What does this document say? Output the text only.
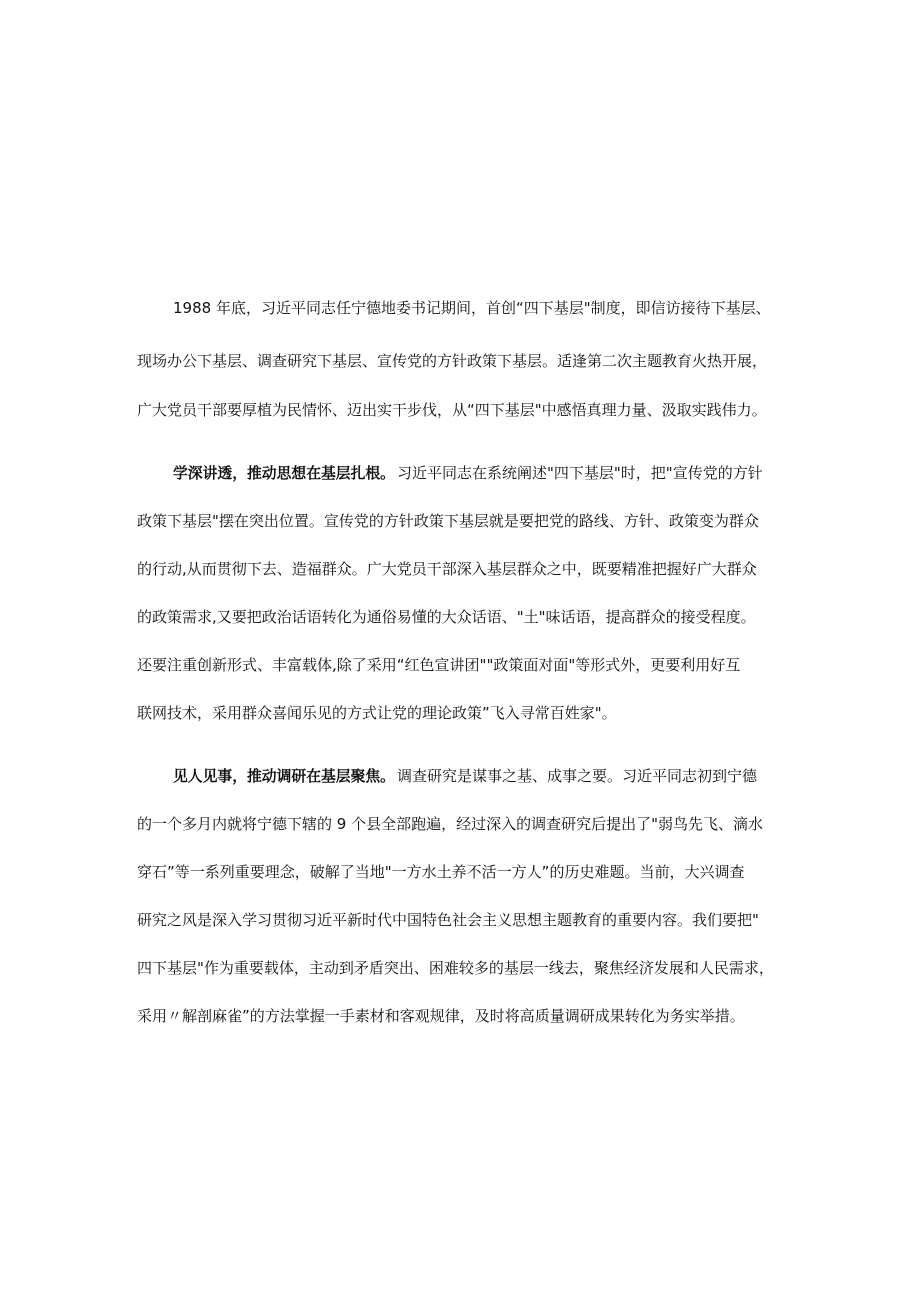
1988 年底，习近平同志任宁德地委书记期间，首创“四下基层"制度，即信访接待下基层、
现场办公下基层、调查研究下基层、宣传党的方针政策下基层。适逢第二次主题教育火热开展，
广大党员干部要厚植为民情怀、迈出实干步伐，从“四下基层"中感悟真理力量、汲取实践伟力。
学深讲透，推动思想在基层扎根。 习近平同志在系统阐述"四下基层"时，把"宣传党的方针
政策下基层"摆在突出位置。宣传党的方针政策下基层就是要把党的路线、方针、政策变为群众
的行动,从而贯彻下去、造福群众。广大党员干部深入基层群众之中，既要精准把握好广大群众
的政策需求,又要把政治话语转化为通俗易懂的大众话语、"土"味话语，提高群众的接受程度。
还要注重创新形式、丰富载体,除了采用“红色宣讲团""政策面对面"等形式外，更要利用好互
联网技术，采用群众喜闻乐见的方式让党的理论政策”飞入寻常百姓家"。
见人见事，推动调研在基层聚焦。 调查研究是谋事之基、成事之要。习近平同志初到宁德
的一个多月内就将宁德下辖的 9 个县全部跑遍，经过深入的调查研究后提出了"弱鸟先飞、滴水
穿石”等一系列重要理念，破解了当地"一方水土养不活一方人”的历史难题。当前，大兴调查
研究之风是深入学习贯彻习近平新时代中国特色社会主义思想主题教育的重要内容。我们要把"
四下基层"作为重要载体，主动到矛盾突出、困难较多的基层一线去，聚焦经济发展和人民需求，
采用〃解剖麻雀”的方法掌握一手素材和客观规律，及时将高质量调研成果转化为务实举措。
